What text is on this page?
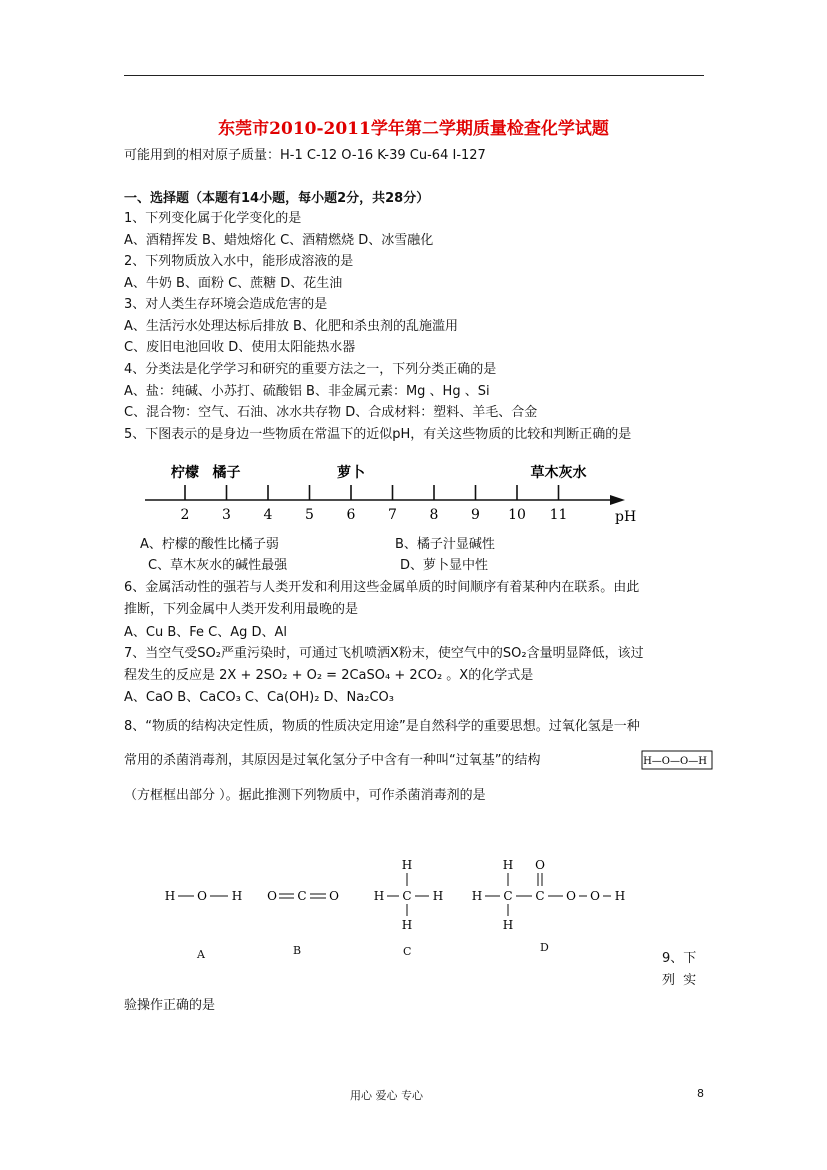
东莞市2010-2011学年第二学期质量检查化学试题
可能用到的相对原子质量：H-1 C-12 O-16 K-39 Cu-64 I-127
一、选择题（本题有14小题，每小题2分，共28分）
1、下列变化属于化学变化的是
A、酒精挥发 B、蜡烛熔化 C、酒精燃烧 D、冰雪融化
2、下列物质放入水中，能形成溶液的是
A、牛奶 B、面粉 C、蔗糖 D、花生油
3、对人类生存环境会造成危害的是
A、生活污水处理达标后排放 B、化肥和杀虫剂的乱施滥用
C、废旧电池回收 D、使用太阳能热水器
4、分类法是化学学习和研究的重要方法之一，下列分类正确的是
A、盐：纯碱、小苏打、硫酸铝 B、非金属元素：Mg 、Hg 、Si
C、混合物：空气、石油、冰水共存物 D、合成材料：塑料、羊毛、合金
5、下图表示的是身边一些物质在常温下的近似pH，有关这些物质的比较和判断正确的是
2 3 4 5 6 7 8 9 10 11
柠檬 橘子	萝卜	草木灰水
pH
A、柠檬的酸性比橘子弱	B、橘子汁显碱性
C、草木灰水的碱性最强	D、萝卜显中性
6、金属活动性的强若与人类开发和利用这些金属单质的时间顺序有着某种内在联系。由此
推断，下列金属中人类开发利用最晚的是
A、Cu B、Fe C、Ag D、Al
7、当空气受SO₂严重污染时，可通过飞机喷洒X粉末，使空气中的SO₂含量明显降低，该过
程发生的反应是 2X + 2SO₂ + O₂ = 2CaSO₄ + 2CO₂ 。X的化学式是
A、CaO B、CaCO₃ C、Ca(OH)₂ D、Na₂CO₃
8、“物质的结构决定性质，物质的性质决定用途”是自然科学的重要思想。过氧化氢是一种
常用的杀菌消毒剂，其原因是过氧化氢分子中含有一种叫“过氧基”的结构	H—O—O—H
（方框框出部分 ）。据此推测下列物质中，可作杀菌消毒剂的是
H O H O C O
H
H C H
H
H
H C
H
O
C O O H
A	B	C	D
9、下
列 实
验操作正确的是
用心 爱心 专心	8
